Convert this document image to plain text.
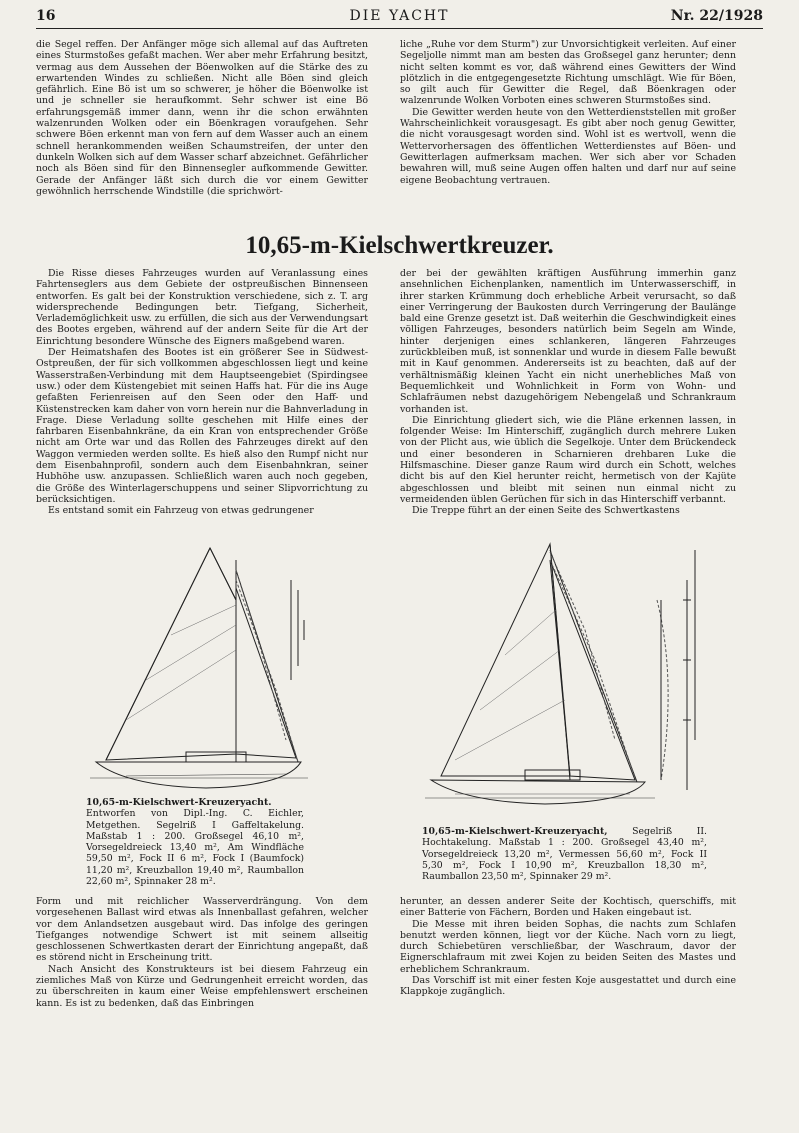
16	DIE YACHT	Nr. 22/1928

die Segel reffen. Der Anfänger möge sich allemal auf das Auftreten eines Sturmstoßes gefaßt machen. Wer aber mehr Erfahrung besitzt, vermag aus dem Aussehen der Böenwolken auf die Stärke des zu erwartenden Windes zu schließen. Nicht alle Böen sind gleich gefährlich. Eine Bö ist um so schwerer, je höher die Böenwolke ist und je schneller sie heraufkommt. Sehr schwer ist eine Bö erfahrungsgemäß immer dann, wenn ihr die schon erwähnten walzenrunden Wolken oder ein Böenkragen voraufgehen. Sehr schwere Böen erkennt man von fern auf dem Wasser auch an einem schnell herankommenden weißen Schaumstreifen, der unter den dunkeln Wolken sich auf dem Wasser scharf abzeichnet. Gefährlicher noch als Böen sind für den Binnensegler aufkommende Gewitter. Gerade der Anfänger läßt sich durch die vor einem Gewitter gewöhnlich herrschende Windstille (die sprichwört-

liche „Ruhe vor dem Sturm") zur Unvorsichtigkeit verleiten. Auf einer Segeljolle nimmt man am besten das Großsegel ganz herunter; denn nicht selten kommt es vor, daß während eines Gewitters der Wind plötzlich in die entgegengesetzte Richtung umschlägt. Wie für Böen, so gilt auch für Gewitter die Regel, daß Böenkragen oder walzenrunde Wolken Vorboten eines schweren Sturmstoßes sind.

Die Gewitter werden heute von den Wetterdienststellen mit großer Wahrscheinlichkeit vorausgesagt. Es gibt aber noch genug Gewitter, die nicht vorausgesagt worden sind. Wohl ist es wertvoll, wenn die Wettervorhersagen des öffentlichen Wetterdienstes auf Böen- und Gewitterlagen aufmerksam machen. Wer sich aber vor Schaden bewahren will, muß seine Augen offen halten und darf nur auf seine eigene Beobachtung vertrauen.

10,65-m-Kielschwertkreuzer.

Die Risse dieses Fahrzeuges wurden auf Veranlassung eines Fahrtenseglers aus dem Gebiete der ostpreußischen Binnenseen entworfen. Es galt bei der Konstruktion verschiedene, sich z. T. arg widersprechende Bedingungen betr. Tiefgang, Sicherheit, Verlademöglichkeit usw. zu erfüllen, die sich aus der Verwendungsart des Bootes ergeben, während auf der andern Seite für die Art der Einrichtung besondere Wünsche des Eigners maßgebend waren.

Der Heimatshafen des Bootes ist ein größerer See in Südwest-Ostpreußen, der für sich vollkommen abgeschlossen liegt und keine Wasserstraßen-Verbindung mit dem Hauptseengebiet (Spirdingsee usw.) oder dem Küstengebiet mit seinen Haffs hat. Für die ins Auge gefaßten Ferienreisen auf den Seen oder den Haff- und Küstenstrecken kam daher von vorn herein nur die Bahnverladung in Frage. Diese Verladung sollte geschehen mit Hilfe eines der fahrbaren Eisenbahnkräne, da ein Kran von entsprechender Größe nicht am Orte war und das Rollen des Fahrzeuges direkt auf den Waggon vermieden werden sollte. Es hieß also den Rumpf nicht nur dem Eisenbahnprofil, sondern auch dem Eisenbahnkran, seiner Hubhöhe usw. anzupassen. Schließlich waren auch noch gegeben, die Größe des Winterlagerschuppens und seiner Slipvorrichtung zu berücksichtigen.

Es entstand somit ein Fahrzeug von etwas gedrungener

der bei der gewählten kräftigen Ausführung immerhin ganz ansehnlichen Eichenplanken, namentlich im Unterwasserschiff, in ihrer starken Krümmung doch erhebliche Arbeit verursacht, so daß einer Verringerung der Baukosten durch Verringerung der Baulänge bald eine Grenze gesetzt ist. Daß weiterhin die Geschwindigkeit eines völligen Fahrzeuges, besonders natürlich beim Segeln am Winde, hinter derjenigen eines schlankeren, längeren Fahrzeuges zurückbleiben muß, ist sonnenklar und wurde in diesem Falle bewußt mit in Kauf genommen. Andererseits ist zu beachten, daß auf der verhältnismäßig kleinen Yacht ein nicht unerhebliches Maß von Bequemlichkeit und Wohnlichkeit in Form von Wohn- und Schlafräumen nebst dazugehörigem Nebengelaß und Schrankraum vorhanden ist.

Die Einrichtung gliedert sich, wie die Pläne erkennen lassen, in folgender Weise: Im Hinterschiff, zugänglich durch mehrere Luken von der Plicht aus, wie üblich die Segelkoje. Unter dem Brückendeck und einer besonderen in Scharnieren drehbaren Luke die Hilfsmaschine. Dieser ganze Raum wird durch ein Schott, welches dicht bis auf den Kiel herunter reicht, hermetisch von der Kajüte abgeschlossen und bleibt mit seinen nun einmal nicht zu vermeidenden üblen Gerüchen für sich in das Hinterschiff verbannt.

Die Treppe führt an der einen Seite des Schwertkastens

10,65-m-Kielschwert-Kreuzeryacht. Entworfen von Dipl.-Ing. C. Eichler, Metgethen. Segelriß I Gaffeltakelung. Maßstab 1 : 200. Großsegel 46,10 m², Vorsegeldreieck 13,40 m², Am Windfläche 59,50 m², Fock II 6 m², Fock I (Baumfock) 11,20 m², Kreuzballon 19,40 m², Raumballon 22,60 m², Spinnaker 28 m².
10,65-m-Kielschwert-Kreuzeryacht, Segelriß II. Hochtakelung. Maßstab 1 : 200. Großsegel 43,40 m², Vorsegeldreieck 13,20 m², Vermessen 56,60 m², Fock II 5,30 m², Fock I 10,90 m², Kreuzballon 18,30 m², Raumballon 23,50 m², Spinnaker 29 m².

Form und mit reichlicher Wasserverdrängung. Von dem vorgesehenen Ballast wird etwas als Innenballast gefahren, welcher vor dem Anlandsetzen ausgebaut wird. Das infolge des geringen Tiefganges notwendige Schwert ist mit seinem allseitig geschlossenen Schwertkasten derart der Einrichtung angepaßt, daß es störend nicht in Erscheinung tritt.

Nach Ansicht des Konstrukteurs ist bei diesem Fahrzeug ein ziemliches Maß von Kürze und Gedrungenheit erreicht worden, das zu überschreiten in kaum einer Weise empfehlenswert erscheinen kann. Es ist zu bedenken, daß das Einbringen

herunter, an dessen anderer Seite der Kochtisch, querschiffs, mit einer Batterie von Fächern, Borden und Haken eingebaut ist.

Die Messe mit ihren beiden Sophas, die nachts zum Schlafen benutzt werden können, liegt vor der Küche. Nach vorn zu liegt, durch Schiebetüren verschließbar, der Waschraum, davor der Eignerschlafraum mit zwei Kojen zu beiden Seiten des Mastes und erheblichem Schrankraum.

Das Vorschiff ist mit einer festen Koje ausgestattet und durch eine Klappkoje zugänglich.
